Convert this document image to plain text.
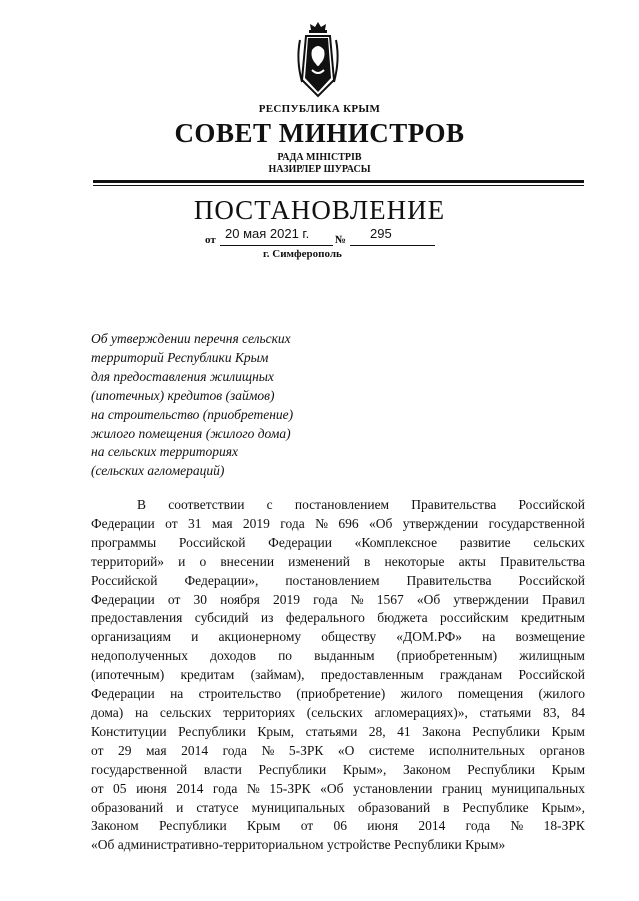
РЕСПУБЛИКА КРЫМ
СОВЕТ МИНИСТРОВ
РАДА МІНІСТРІВ
НАЗИРЛЕР ШУРАСЫ
ПОСТАНОВЛЕНИЕ
от 20 мая 2021 г. № 295
г. Симферополь
Об утверждении перечня сельских
территорий Республики Крым
для предоставления жилищных
(ипотечных) кредитов (займов)
на строительство (приобретение)
жилого помещения (жилого дома)
на сельских территориях
(сельских агломераций)
В соответствии с постановлением Правительства Российской
Федерации от 31 мая 2019 года № 696 «Об утверждении государственной
программы Российской Федерации «Комплексное развитие сельских
территорий» и о внесении изменений в некоторые акты Правительства
Российской Федерации», постановлением Правительства Российской
Федерации от 30 ноября 2019 года № 1567 «Об утверждении Правил
предоставления субсидий из федерального бюджета российским кредитным
организациям и акционерному обществу «ДОМ.РФ» на возмещение
недополученных доходов по выданным (приобретенным) жилищным
(ипотечным) кредитам (займам), предоставленным гражданам Российской
Федерации на строительство (приобретение) жилого помещения (жилого
дома) на сельских территориях (сельских агломерациях)», статьями 83, 84
Конституции Республики Крым, статьями 28, 41 Закона Республики Крым
от 29 мая 2014 года № 5-ЗРК «О системе исполнительных органов
государственной власти Республики Крым», Законом Республики Крым
от 05 июня 2014 года № 15-ЗРК «Об установлении границ муниципальных
образований и статусе муниципальных образований в Республике Крым»,
Законом Республики Крым от 06 июня 2014 года № 18-ЗРК
«Об административно-территориальном устройстве Республики Крым»
